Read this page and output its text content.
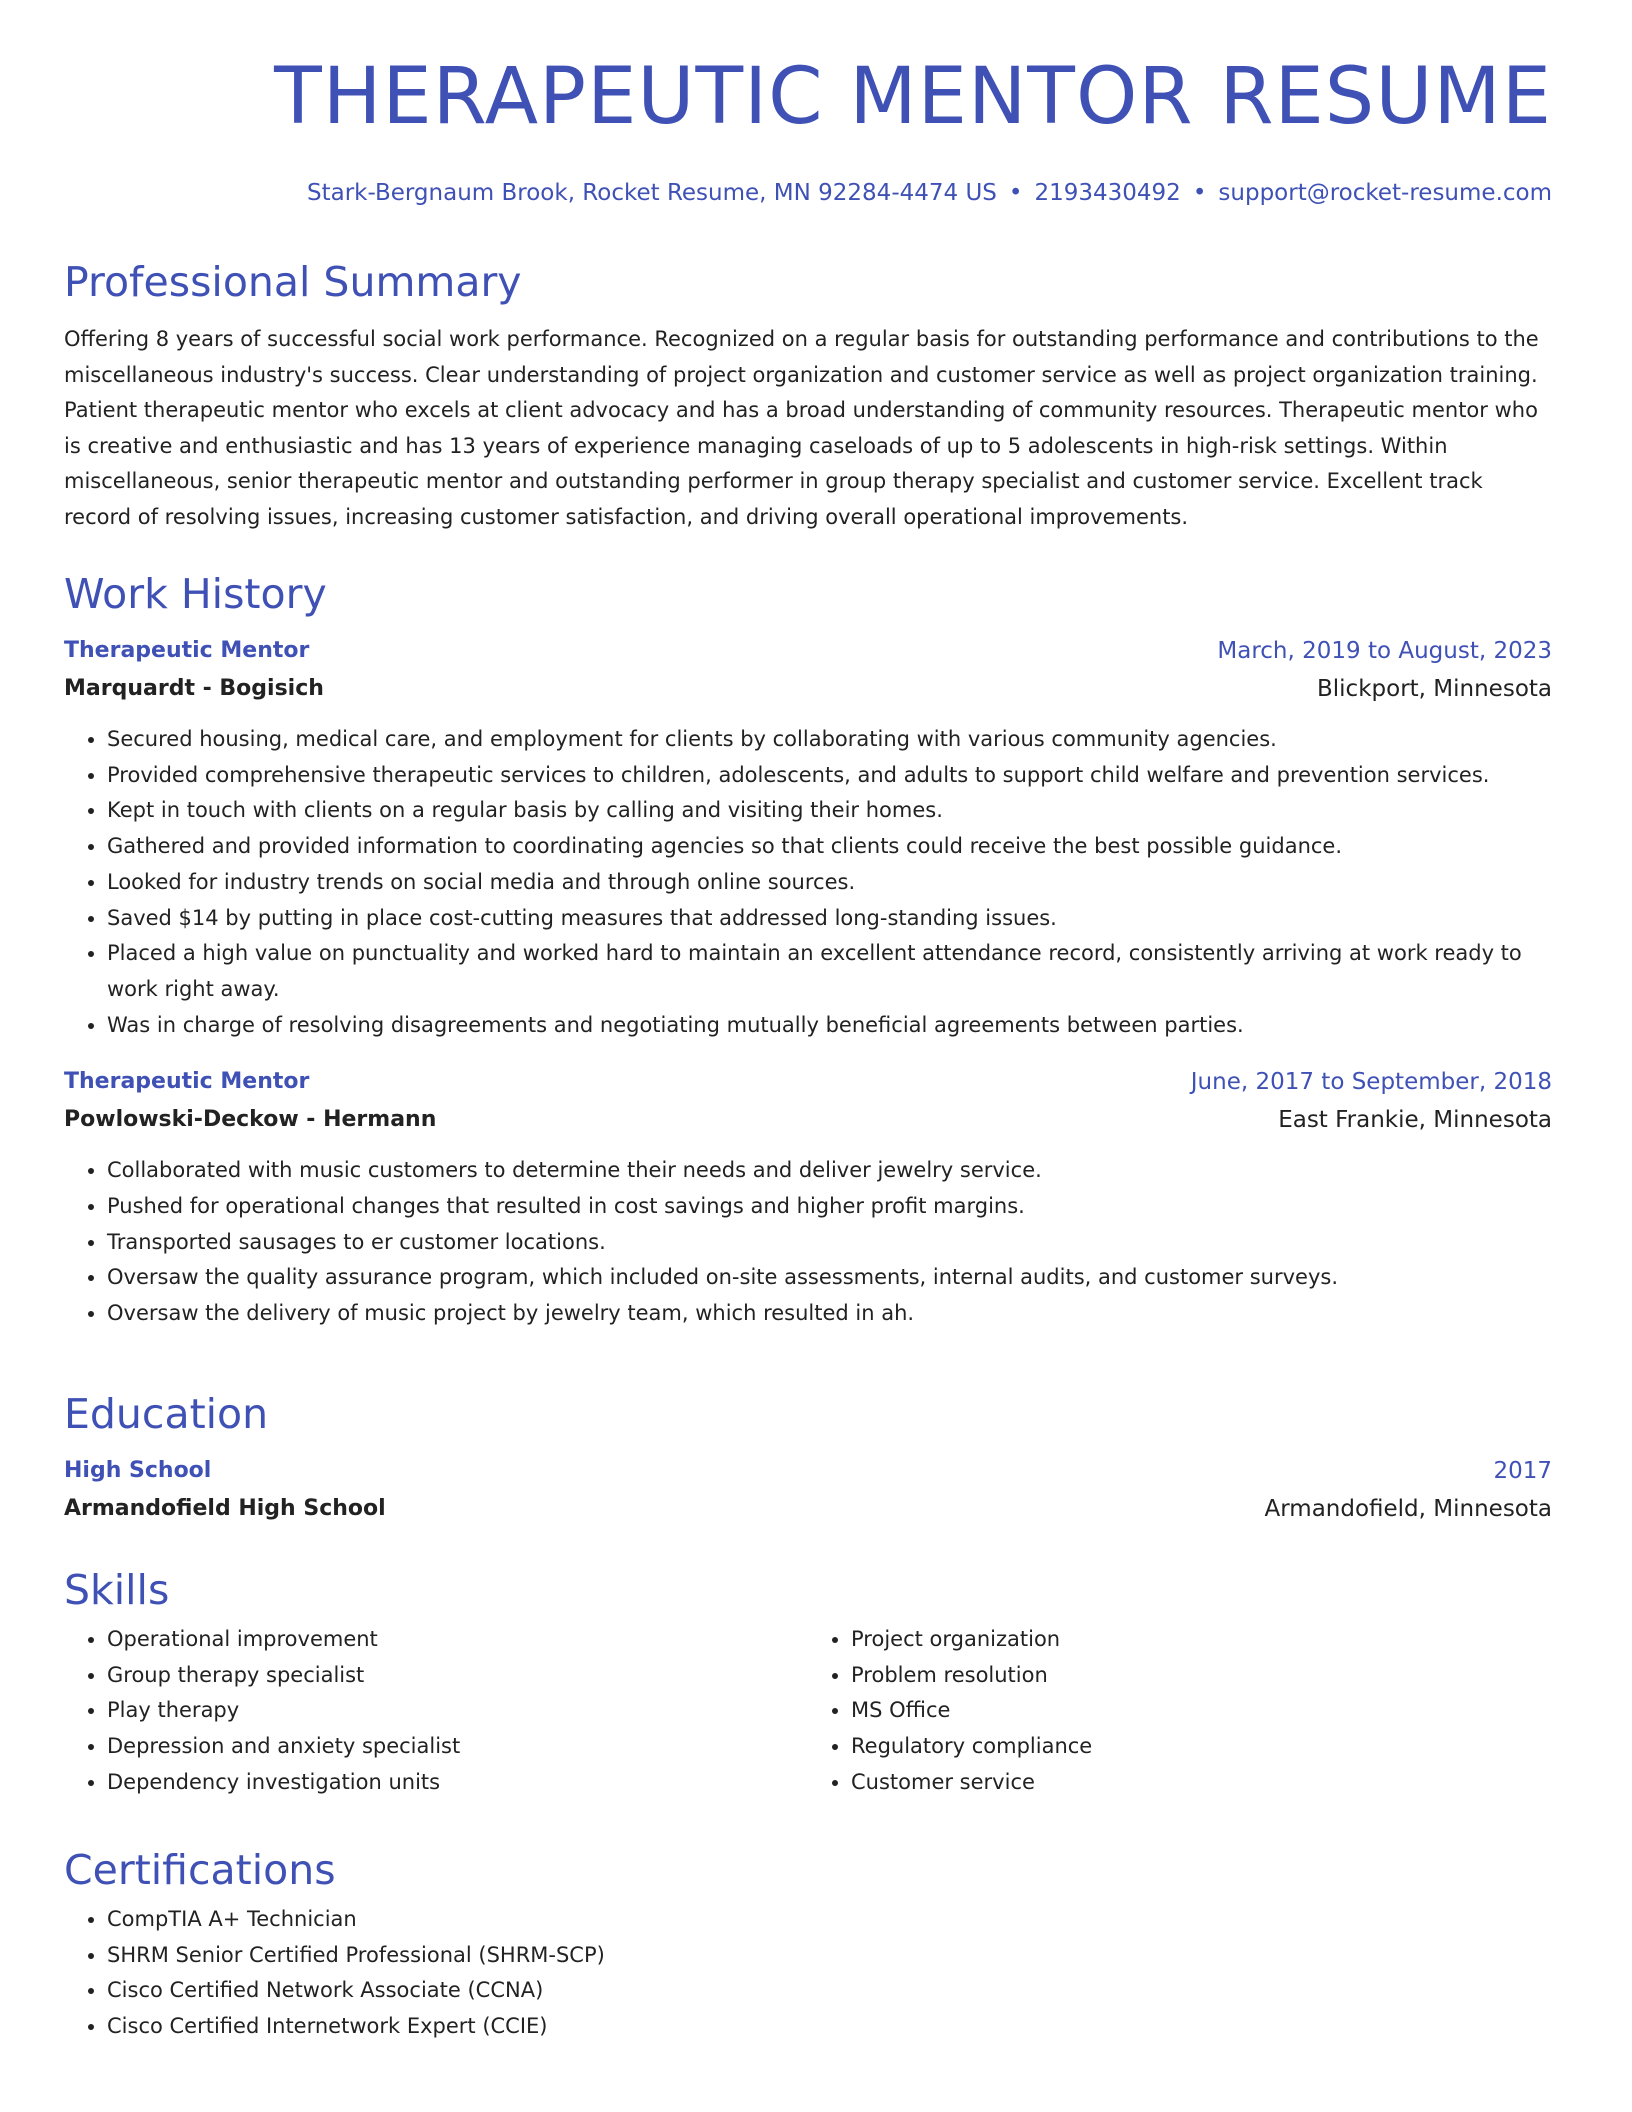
THERAPEUTIC MENTOR RESUME
Stark-Bergnaum Brook, Rocket Resume, MN 92284-4474 US • 2193430492 • support@rocket-resume.com
Professional Summary

Offering 8 years of successful social work performance. Recognized on a regular basis for outstanding performance and contributions to the miscellaneous industry's success. Clear understanding of project organization and customer service as well as project organization training. Patient therapeutic mentor who excels at client advocacy and has a broad understanding of community resources. Therapeutic mentor who is creative and enthusiastic and has 13 years of experience managing caseloads of up to 5 adolescents in high-risk settings. Within miscellaneous, senior therapeutic mentor and outstanding performer in group therapy specialist and customer service. Excellent track record of resolving issues, increasing customer satisfaction, and driving overall operational improvements.

Work History
Therapeutic Mentor	March, 2019 to August, 2023
Marquardt - Bogisich	Blickport, Minnesota
• Secured housing, medical care, and employment for clients by collaborating with various community agencies.
• Provided comprehensive therapeutic services to children, adolescents, and adults to support child welfare and prevention services.
• Kept in touch with clients on a regular basis by calling and visiting their homes.
• Gathered and provided information to coordinating agencies so that clients could receive the best possible guidance.
• Looked for industry trends on social media and through online sources.
• Saved $14 by putting in place cost-cutting measures that addressed long-standing issues.
• Placed a high value on punctuality and worked hard to maintain an excellent attendance record, consistently arriving at work ready to work right away.
• Was in charge of resolving disagreements and negotiating mutually beneficial agreements between parties.
Therapeutic Mentor	June, 2017 to September, 2018
Powlowski-Deckow - Hermann	East Frankie, Minnesota
• Collaborated with music customers to determine their needs and deliver jewelry service.
• Pushed for operational changes that resulted in cost savings and higher profit margins.
• Transported sausages to er customer locations.
• Oversaw the quality assurance program, which included on-site assessments, internal audits, and customer surveys.
• Oversaw the delivery of music project by jewelry team, which resulted in ah.
Education
High School	2017
Armandofield High School	Armandofield, Minnesota
Skills
• Operational improvement
• Group therapy specialist
• Play therapy
• Depression and anxiety specialist
• Dependency investigation units
• Project organization
• Problem resolution
• MS Office
• Regulatory compliance
• Customer service
Certifications
• CompTIA A+ Technician
• SHRM Senior Certified Professional (SHRM-SCP)
• Cisco Certified Network Associate (CCNA)
• Cisco Certified Internetwork Expert (CCIE)
